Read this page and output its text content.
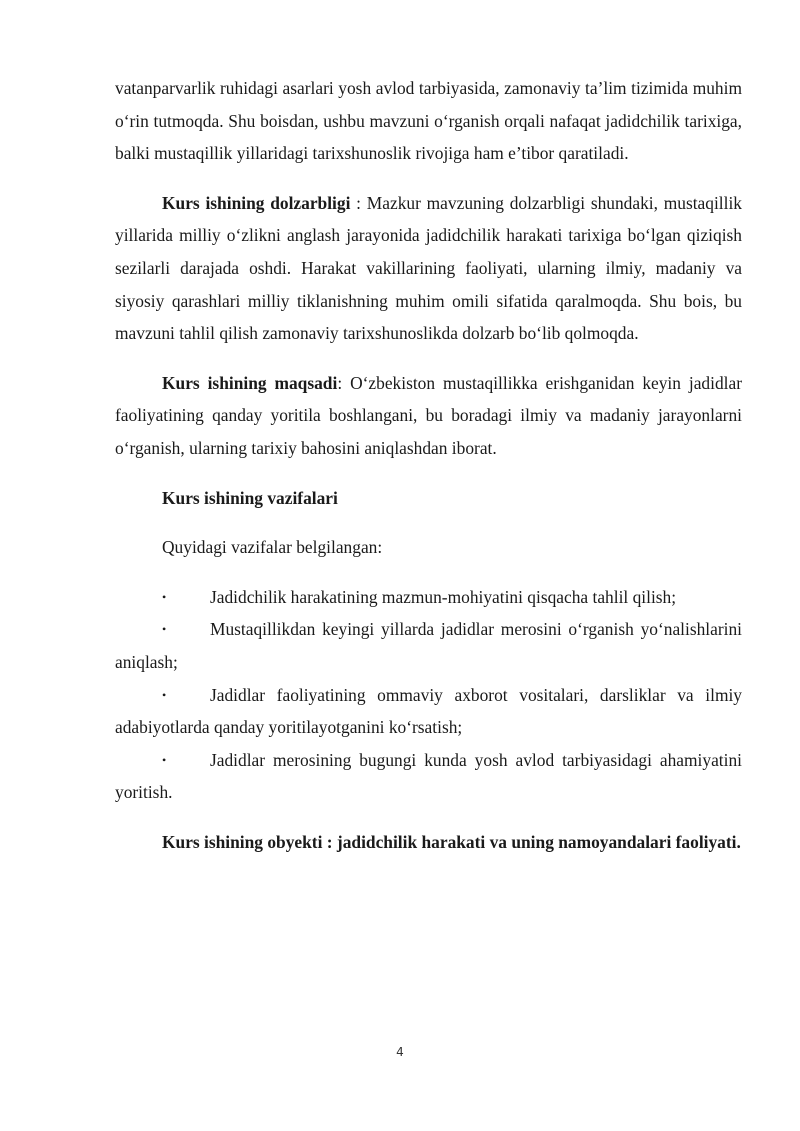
vatanparvarlik ruhidagi asarlari yosh avlod tarbiyasida, zamonaviy ta’lim tizimida muhim o‘rin tutmoqda. Shu boisdan, ushbu mavzuni o‘rganish orqali nafaqat jadidchilik tarixiga, balki mustaqillik yillaridagi tarixshunoslik rivojiga ham e’tibor qaratiladi.

Kurs ishining dolzarbligi : Mazkur mavzuning dolzarbligi shundaki, mustaqillik yillarida milliy o‘zlikni anglash jarayonida jadidchilik harakati tarixiga bo‘lgan qiziqish sezilarli darajada oshdi. Harakat vakillarining faoliyati, ularning ilmiy, madaniy va siyosiy qarashlari milliy tiklanishning muhim omili sifatida qaralmoqda. Shu bois, bu mavzuni tahlil qilish zamonaviy tarixshunoslikda dolzarb bo‘lib qolmoqda.

Kurs ishining maqsadi: O‘zbekiston mustaqillikka erishganidan keyin jadidlar faoliyatining qanday yoritila boshlangani, bu boradagi ilmiy va madaniy jarayonlarni o‘rganish, ularning tarixiy bahosini aniqlashdan iborat.

Kurs ishining vazifalari

Quyidagi vazifalar belgilangan:

•	Jadidchilik harakatining mazmun-mohiyatini qisqacha tahlil qilish;

•	Mustaqillikdan keyingi yillarda jadidlar merosini o‘rganish yo‘nalishlarini aniqlash;

•	Jadidlar faoliyatining ommaviy axborot vositalari, darsliklar va ilmiy adabiyotlarda qanday yoritilayotganini ko‘rsatish;

•	Jadidlar merosining bugungi kunda yosh avlod tarbiyasidagi ahamiyatini yoritish.

Kurs ishining obyekti : jadidchilik harakati va uning namoyandalari faoliyati.

4
